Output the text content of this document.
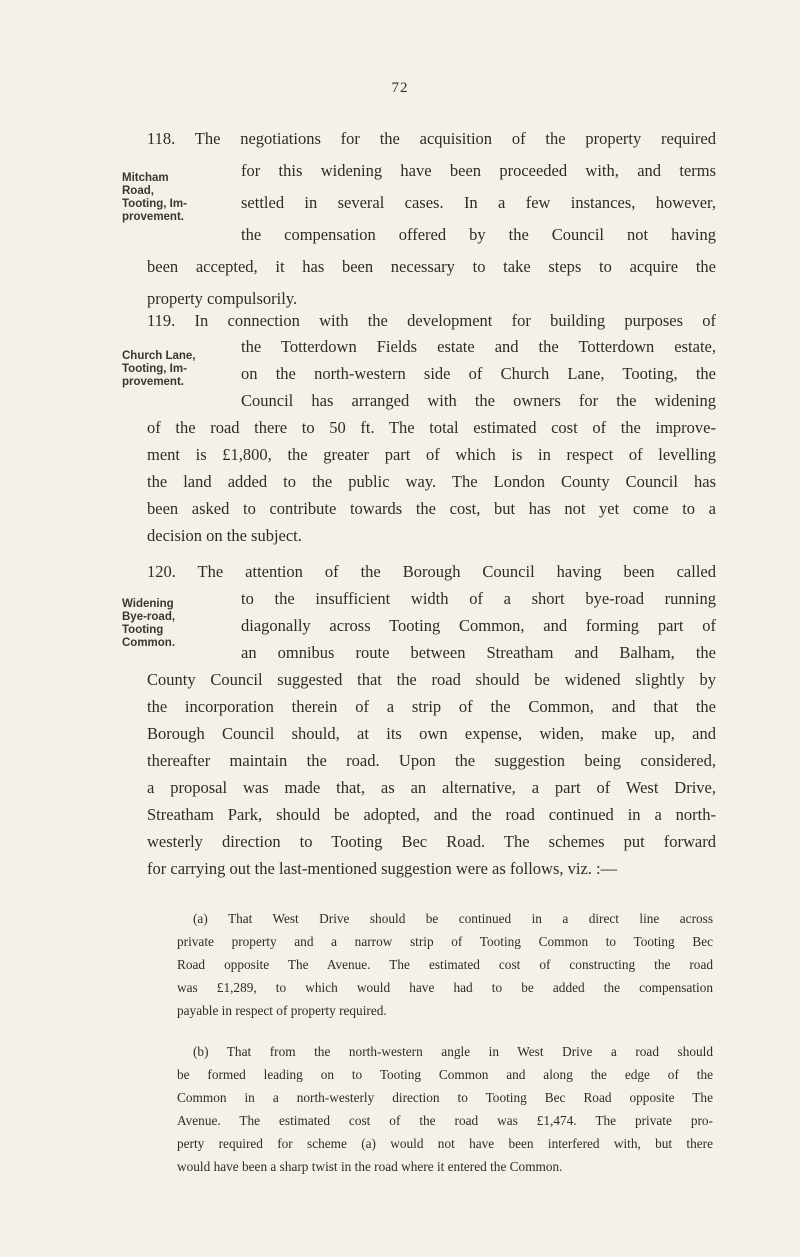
72
Mitcham
Road,
Tooting, Im-
provement.
118. The negotiations for the acquisition of the property required
for this widening have been proceeded with, and terms
settled in several cases. In a few instances, however,
the compensation offered by the Council not having
been accepted, it has been necessary to take steps to acquire the
property compulsorily.
Church Lane,
Tooting, Im-
provement.
119. In connection with the development for building purposes of
the Totterdown Fields estate and the Totterdown estate,
on the north-western side of Church Lane, Tooting, the
Council has arranged with the owners for the widening
of the road there to 50 ft. The total estimated cost of the improve-
ment is £1,800, the greater part of which is in respect of levelling
the land added to the public way. The London County Council has
been asked to contribute towards the cost, but has not yet come to a
decision on the subject.
Widening
Bye-road,
Tooting
Common.
120. The attention of the Borough Council having been called
to the insufficient width of a short bye-road running
diagonally across Tooting Common, and forming part of
an omnibus route between Streatham and Balham, the
County Council suggested that the road should be widened slightly by
the incorporation therein of a strip of the Common, and that the
Borough Council should, at its own expense, widen, make up, and
thereafter maintain the road. Upon the suggestion being considered,
a proposal was made that, as an alternative, a part of West Drive,
Streatham Park, should be adopted, and the road continued in a north-
westerly direction to Tooting Bec Road. The schemes put forward
for carrying out the last-mentioned suggestion were as follows, viz. :—
(a) That West Drive should be continued in a direct line across
private property and a narrow strip of Tooting Common to Tooting Bec
Road opposite The Avenue. The estimated cost of constructing the road
was £1,289, to which would have had to be added the compensation
payable in respect of property required.
(b) That from the north-western angle in West Drive a road should
be formed leading on to Tooting Common and along the edge of the
Common in a north-westerly direction to Tooting Bec Road opposite The
Avenue. The estimated cost of the road was £1,474. The private pro-
perty required for scheme (a) would not have been interfered with, but there
would have been a sharp twist in the road where it entered the Common.
